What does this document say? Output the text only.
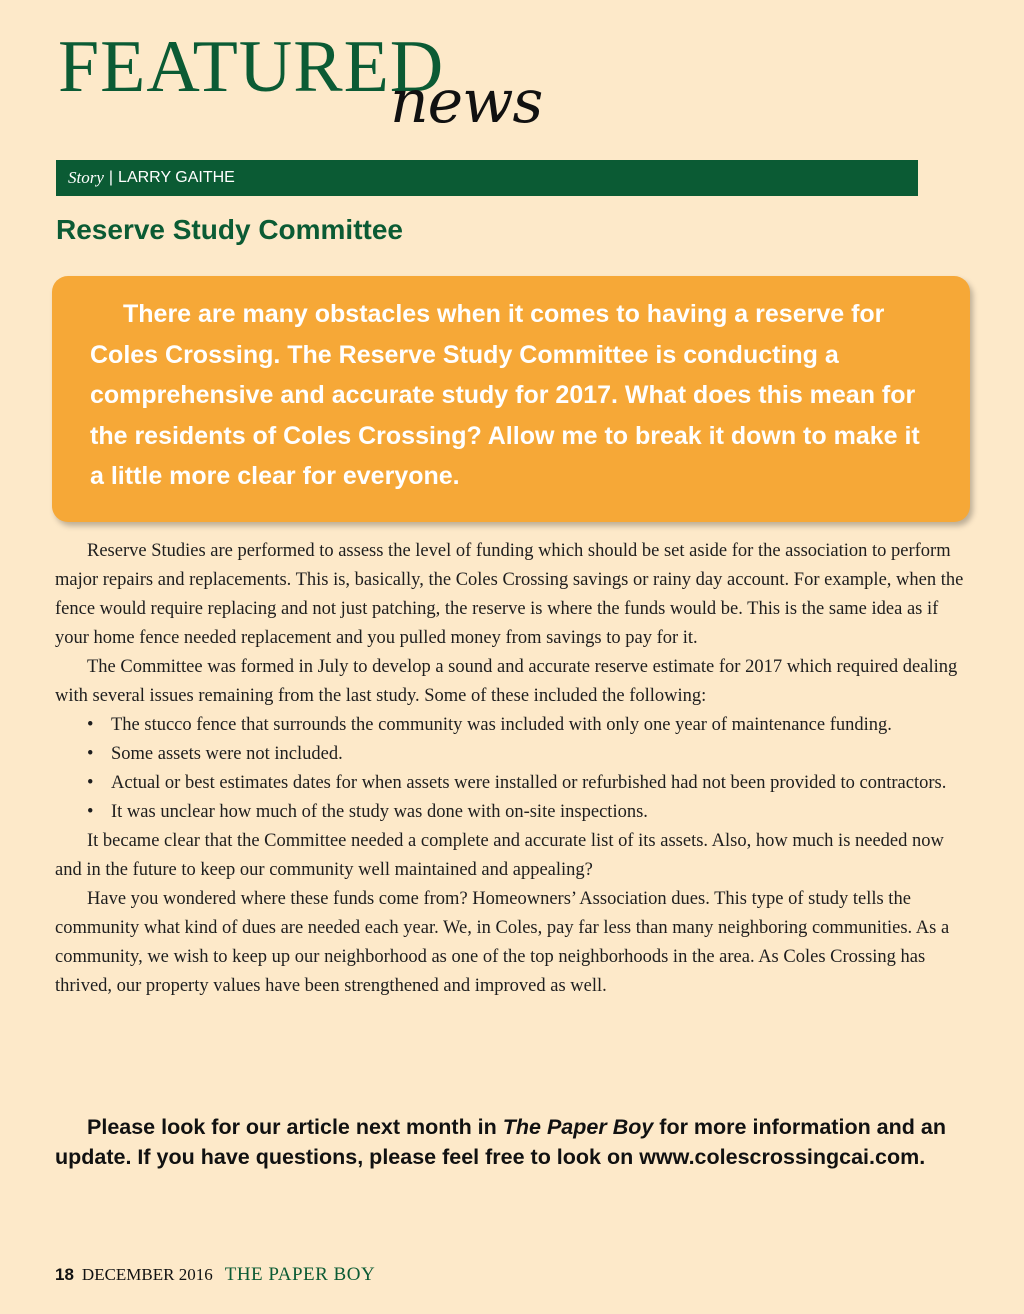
FEATURED
news
Story | LARRY GAITHE
Reserve Study Committee

There are many obstacles when it comes to having a reserve for Coles Crossing. The Reserve Study Committee is conducting a comprehensive and accurate study for 2017. What does this mean for the residents of Coles Crossing? Allow me to break it down to make it a little more clear for everyone.

Reserve Studies are performed to assess the level of funding which should be set aside for the association to perform major repairs and replacements. This is, basically, the Coles Crossing savings or rainy day account. For example, when the fence would require replacing and not just patching, the reserve is where the funds would be. This is the same idea as if your home fence needed replacement and you pulled money from savings to pay for it.

The Committee was formed in July to develop a sound and accurate reserve estimate for 2017 which required dealing with several issues remaining from the last study. Some of these included the following:

• The stucco fence that surrounds the community was included with only one year of maintenance funding.
• Some assets were not included.
• Actual or best estimates dates for when assets were installed or refurbished had not been provided to contractors.
• It was unclear how much of the study was done with on-site inspections.

It became clear that the Committee needed a complete and accurate list of its assets. Also, how much is needed now and in the future to keep our community well maintained and appealing?

Have you wondered where these funds come from? Homeowners’ Association dues. This type of study tells the community what kind of dues are needed each year. We, in Coles, pay far less than many neighboring communities. As a community, we wish to keep up our neighborhood as one of the top neighborhoods in the area. As Coles Crossing has thrived, our property values have been strengthened and improved as well.

Please look for our article next month in The Paper Boy for more information and an update. If you have questions, please feel free to look on www.colescrossingcai.com.
18 DECEMBER 2016 THE PAPER BOY
